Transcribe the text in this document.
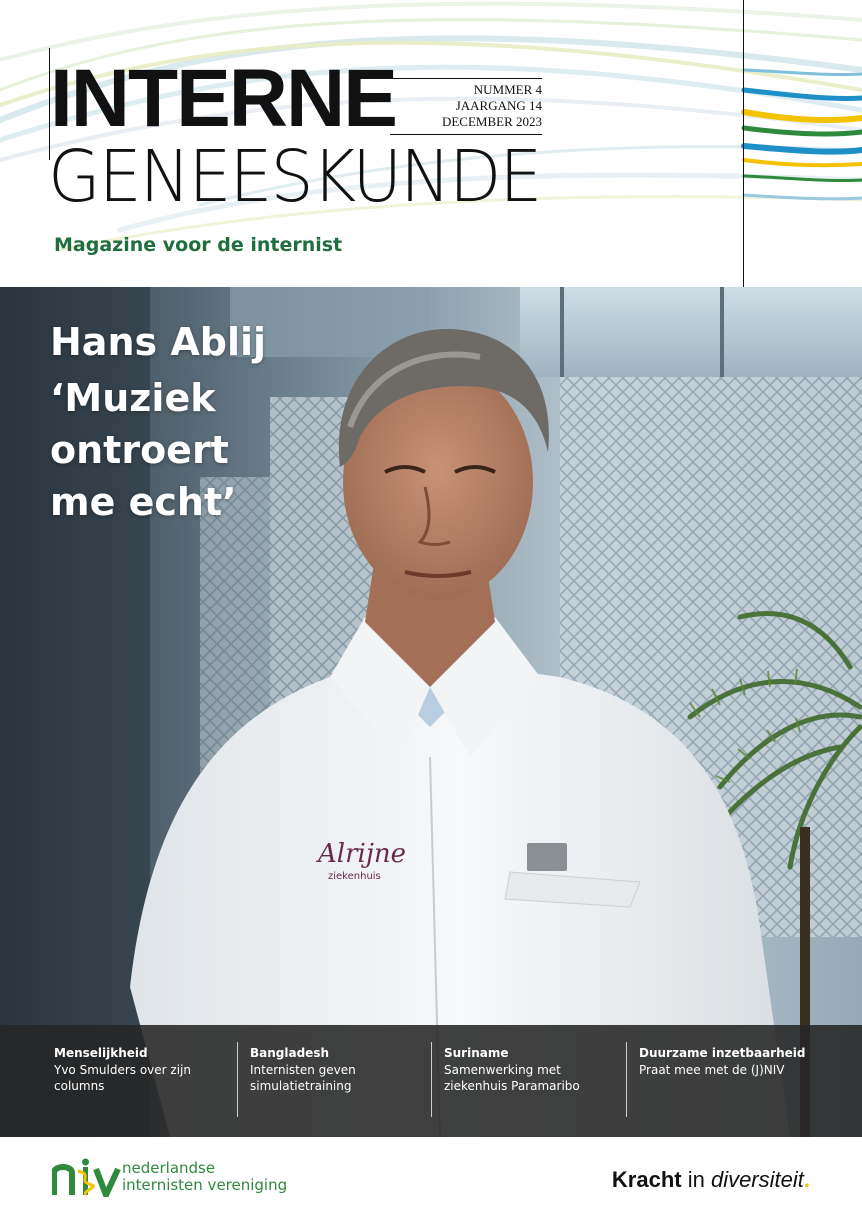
INTERNE
GENEESKUNDE
NUMMER 4
JAARGANG 14
DECEMBER 2023
Magazine voor de internist
Alrijne
ziekenhuis
Hans Ablij
‘Muziek
ontroert
me echt’
Menselijkheid
Yvo Smulders over zijn columns
Bangladesh
Internisten geven simulatietraining
Suriname
Samenwerking met ziekenhuis Paramaribo
Duurzame inzetbaarheid
Praat mee met de (J)NIV
nederlandse
internisten vereniging	Kracht in diversiteit.
